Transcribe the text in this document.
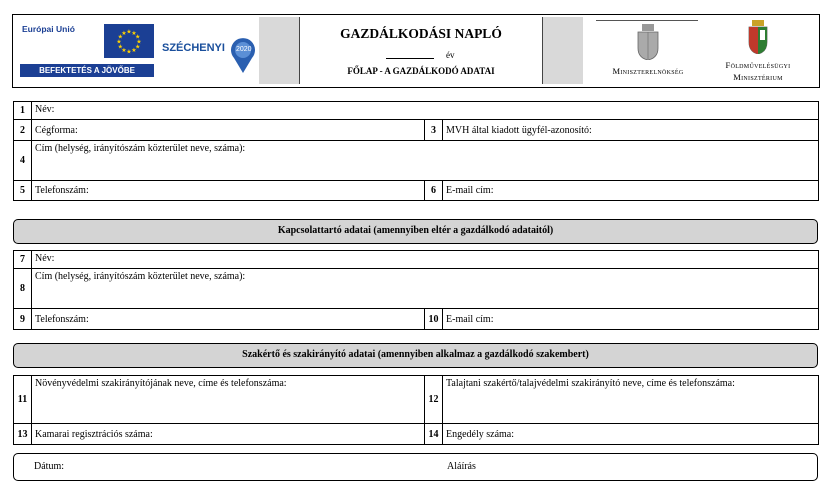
Európai Unió	★ ★
★
★
★
★
★
★
★
★
★
★
BEFEKTETÉS A JÖVŐBE
SZÉCHENYI 2020
GAZDÁLKODÁSI NAPLÓ
év
FŐLAP - A GAZDÁLKODÓ ADATAI	Miniszterelnökség
Földművelésügyi
Minisztérium
1	Név:		
2	Cégforma:	3	MVH által kiadott ügyfél-azonosító:
4	Cím (helység, irányítószám közterület neve, száma):		
5	Telefonszám:	6	E-mail cím:
Kapcsolattartó adatai (amennyiben eltér a gazdálkodó adataitól)
7	Név:		
8	Cím (helység, irányítószám közterület neve, száma):		
9	Telefonszám:	10	E-mail cím:
Szakértő és szakirányító adatai (amennyiben alkalmaz a gazdálkodó szakembert)
11	Növényvédelmi szakirányítójának neve, címe és telefonszáma:	12	Talajtani szakértő/talajvédelmi szakirányító neve, címe és telefonszáma:
13	Kamarai regisztrációs száma:	14	Engedély száma:
Dátum:	Aláírás
